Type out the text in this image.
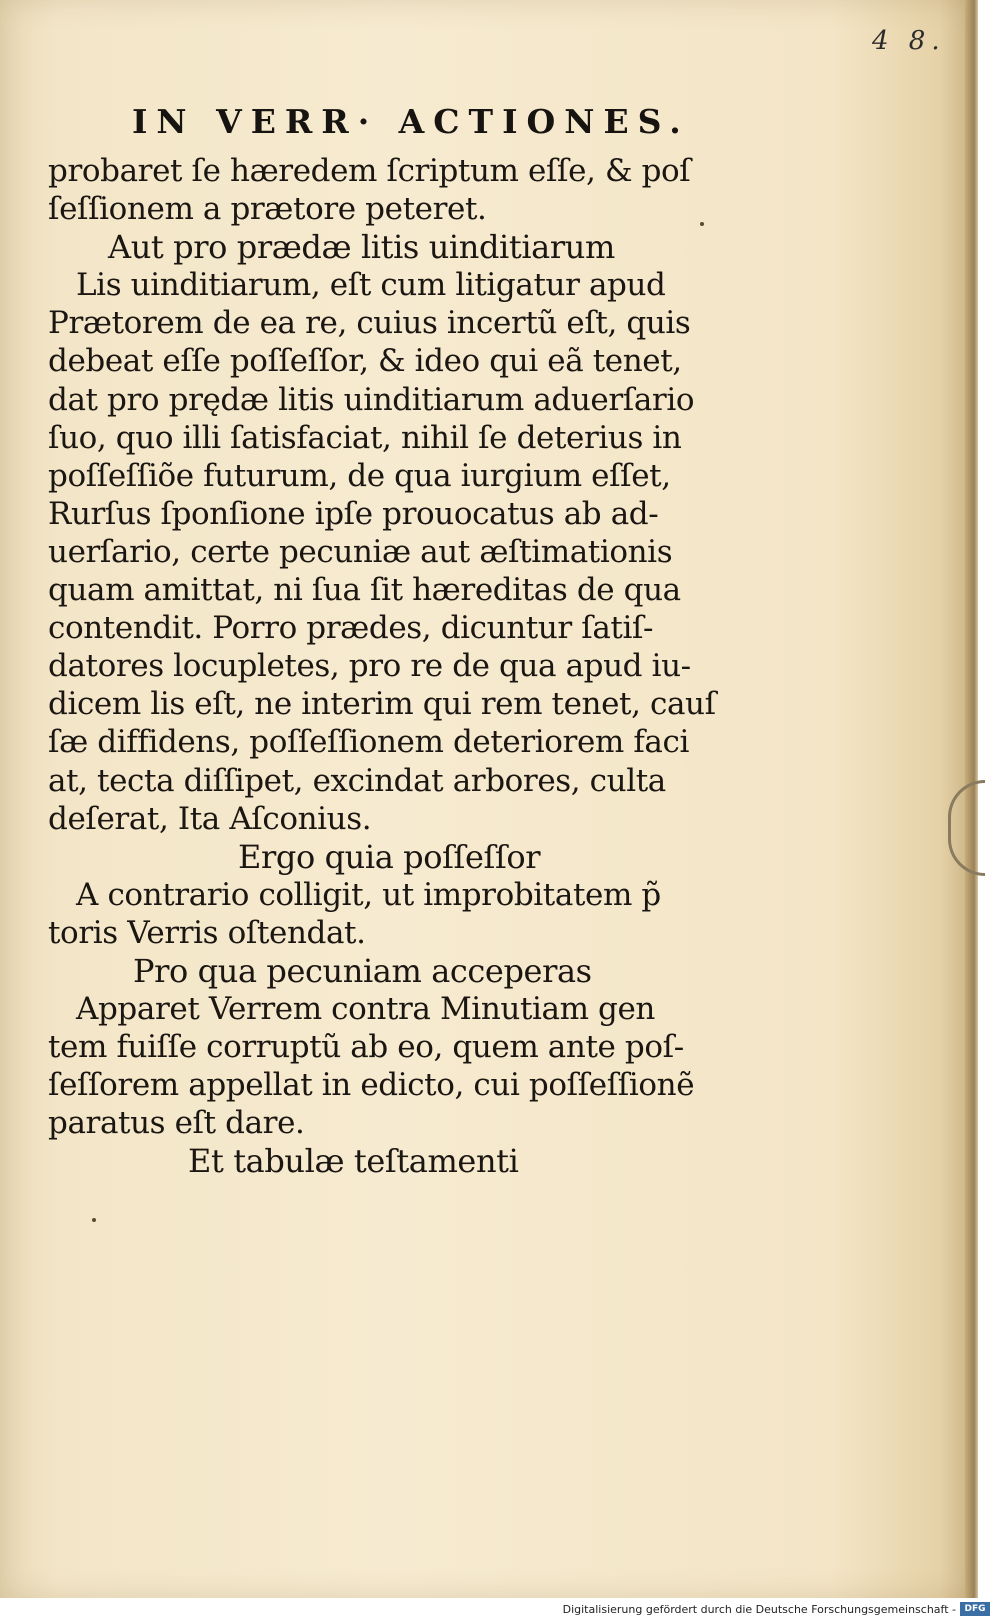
4 8.
IN VERR· ACTIONES.
probaret ſe hæredem ſcriptum eſſe, & poſ
ſeſſionem a prætore peteret.
Aut pro prædæ litis uinditiarum
Lis uinditiarum, eſt cum litigatur apud
Prætorem de ea re, cuius incertũ eſt, quis
debeat eſſe poſſeſſor, & ideo qui eã tenet,
dat pro prędæ litis uinditiarum aduerſario
ſuo, quo illi ſatisfaciat, nihil ſe deterius in
poſſeſſiõe futurum, de qua iurgium eſſet,
Rurſus ſponſione ipſe prouocatus ab ad-
uerſario, certe pecuniæ aut æſtimationis
quam amittat, ni ſua ſit hæreditas de qua
contendit. Porro prædes, dicuntur ſatiſ-
datores locupletes, pro re de qua apud iu-
dicem lis eſt, ne interim qui rem tenet, cauſ
ſæ diffidens, poſſeſſionem deteriorem faci
at, tecta diſſipet, excindat arbores, culta
deſerat, Ita Aſconius.
Ergo quia poſſeſſor
A contrario colligit, ut improbitatem p̃
toris Verris oſtendat.
Pro qua pecuniam acceperas
Apparet Verrem contra Minutiam gen
tem fuiſſe corruptũ ab eo, quem ante poſ-
ſeſſorem appellat in edicto, cui poſſeſſionẽ
paratus eſt dare.
Et tabulæ teſtamenti
Digitalisierung gefördert durch die Deutsche Forschungsgemeinschaft - DFG
